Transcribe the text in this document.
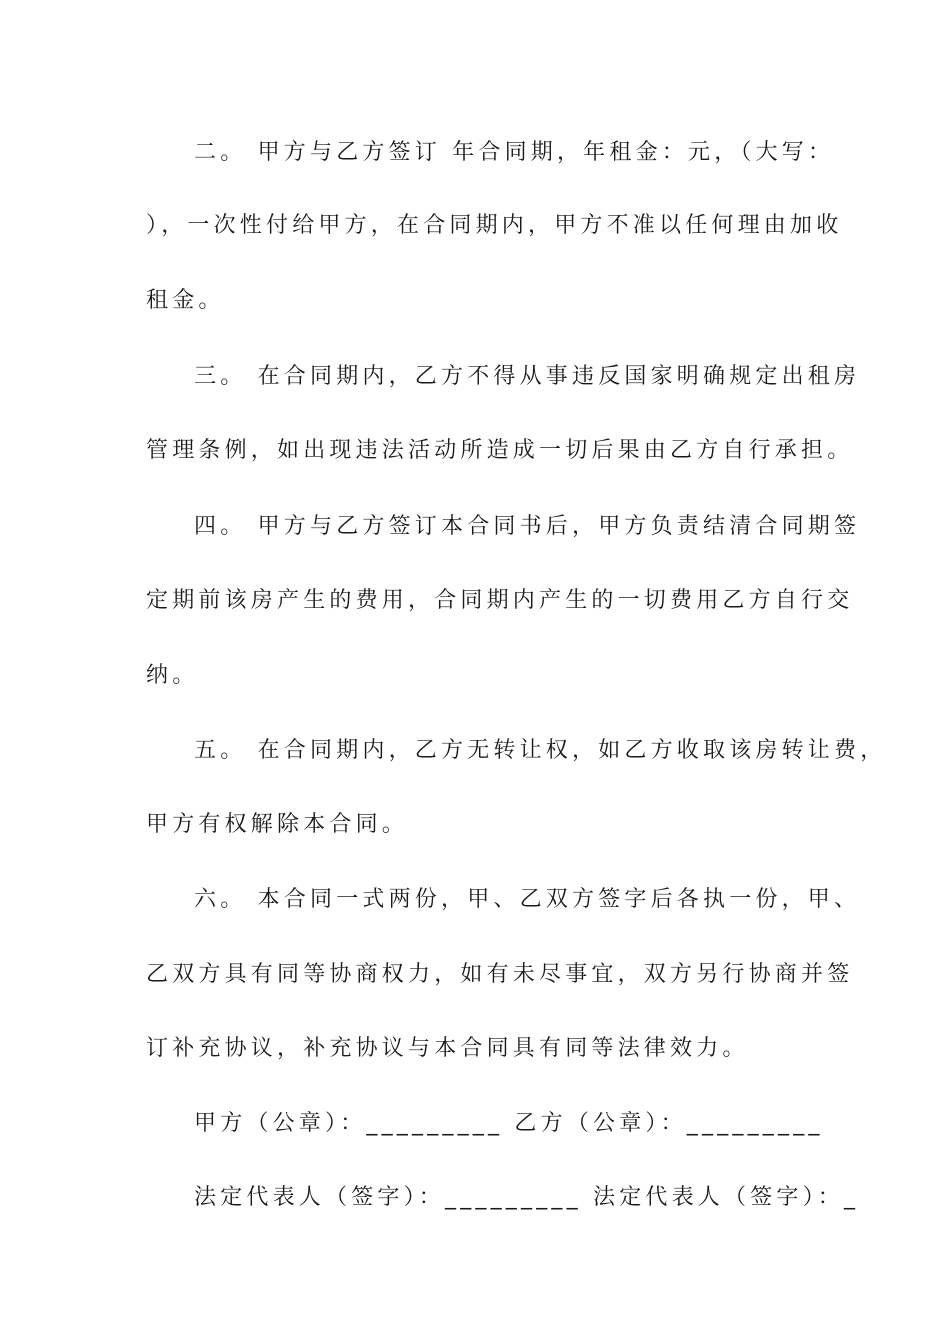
二。 甲方与乙方签订 年合同期，年租金：元，（大写：
），一次性付给甲方，在合同期内，甲方不准以任何理由加收
租金。
三。 在合同期内，乙方不得从事违反国家明确规定出租房
管理条例，如出现违法活动所造成一切后果由乙方自行承担。
四。 甲方与乙方签订本合同书后，甲方负责结清合同期签
定期前该房产生的费用，合同期内产生的一切费用乙方自行交
纳。
五。 在合同期内，乙方无转让权，如乙方收取该房转让费，
甲方有权解除本合同。
六。 本合同一式两份，甲、乙双方签字后各执一份，甲、
乙双方具有同等协商权力，如有未尽事宜，双方另行协商并签
订补充协议，补充协议与本合同具有同等法律效力。
甲方（公章）：_________ 乙方（公章）：_________
法定代表人（签字）：_________ 法定代表人（签字）：_
